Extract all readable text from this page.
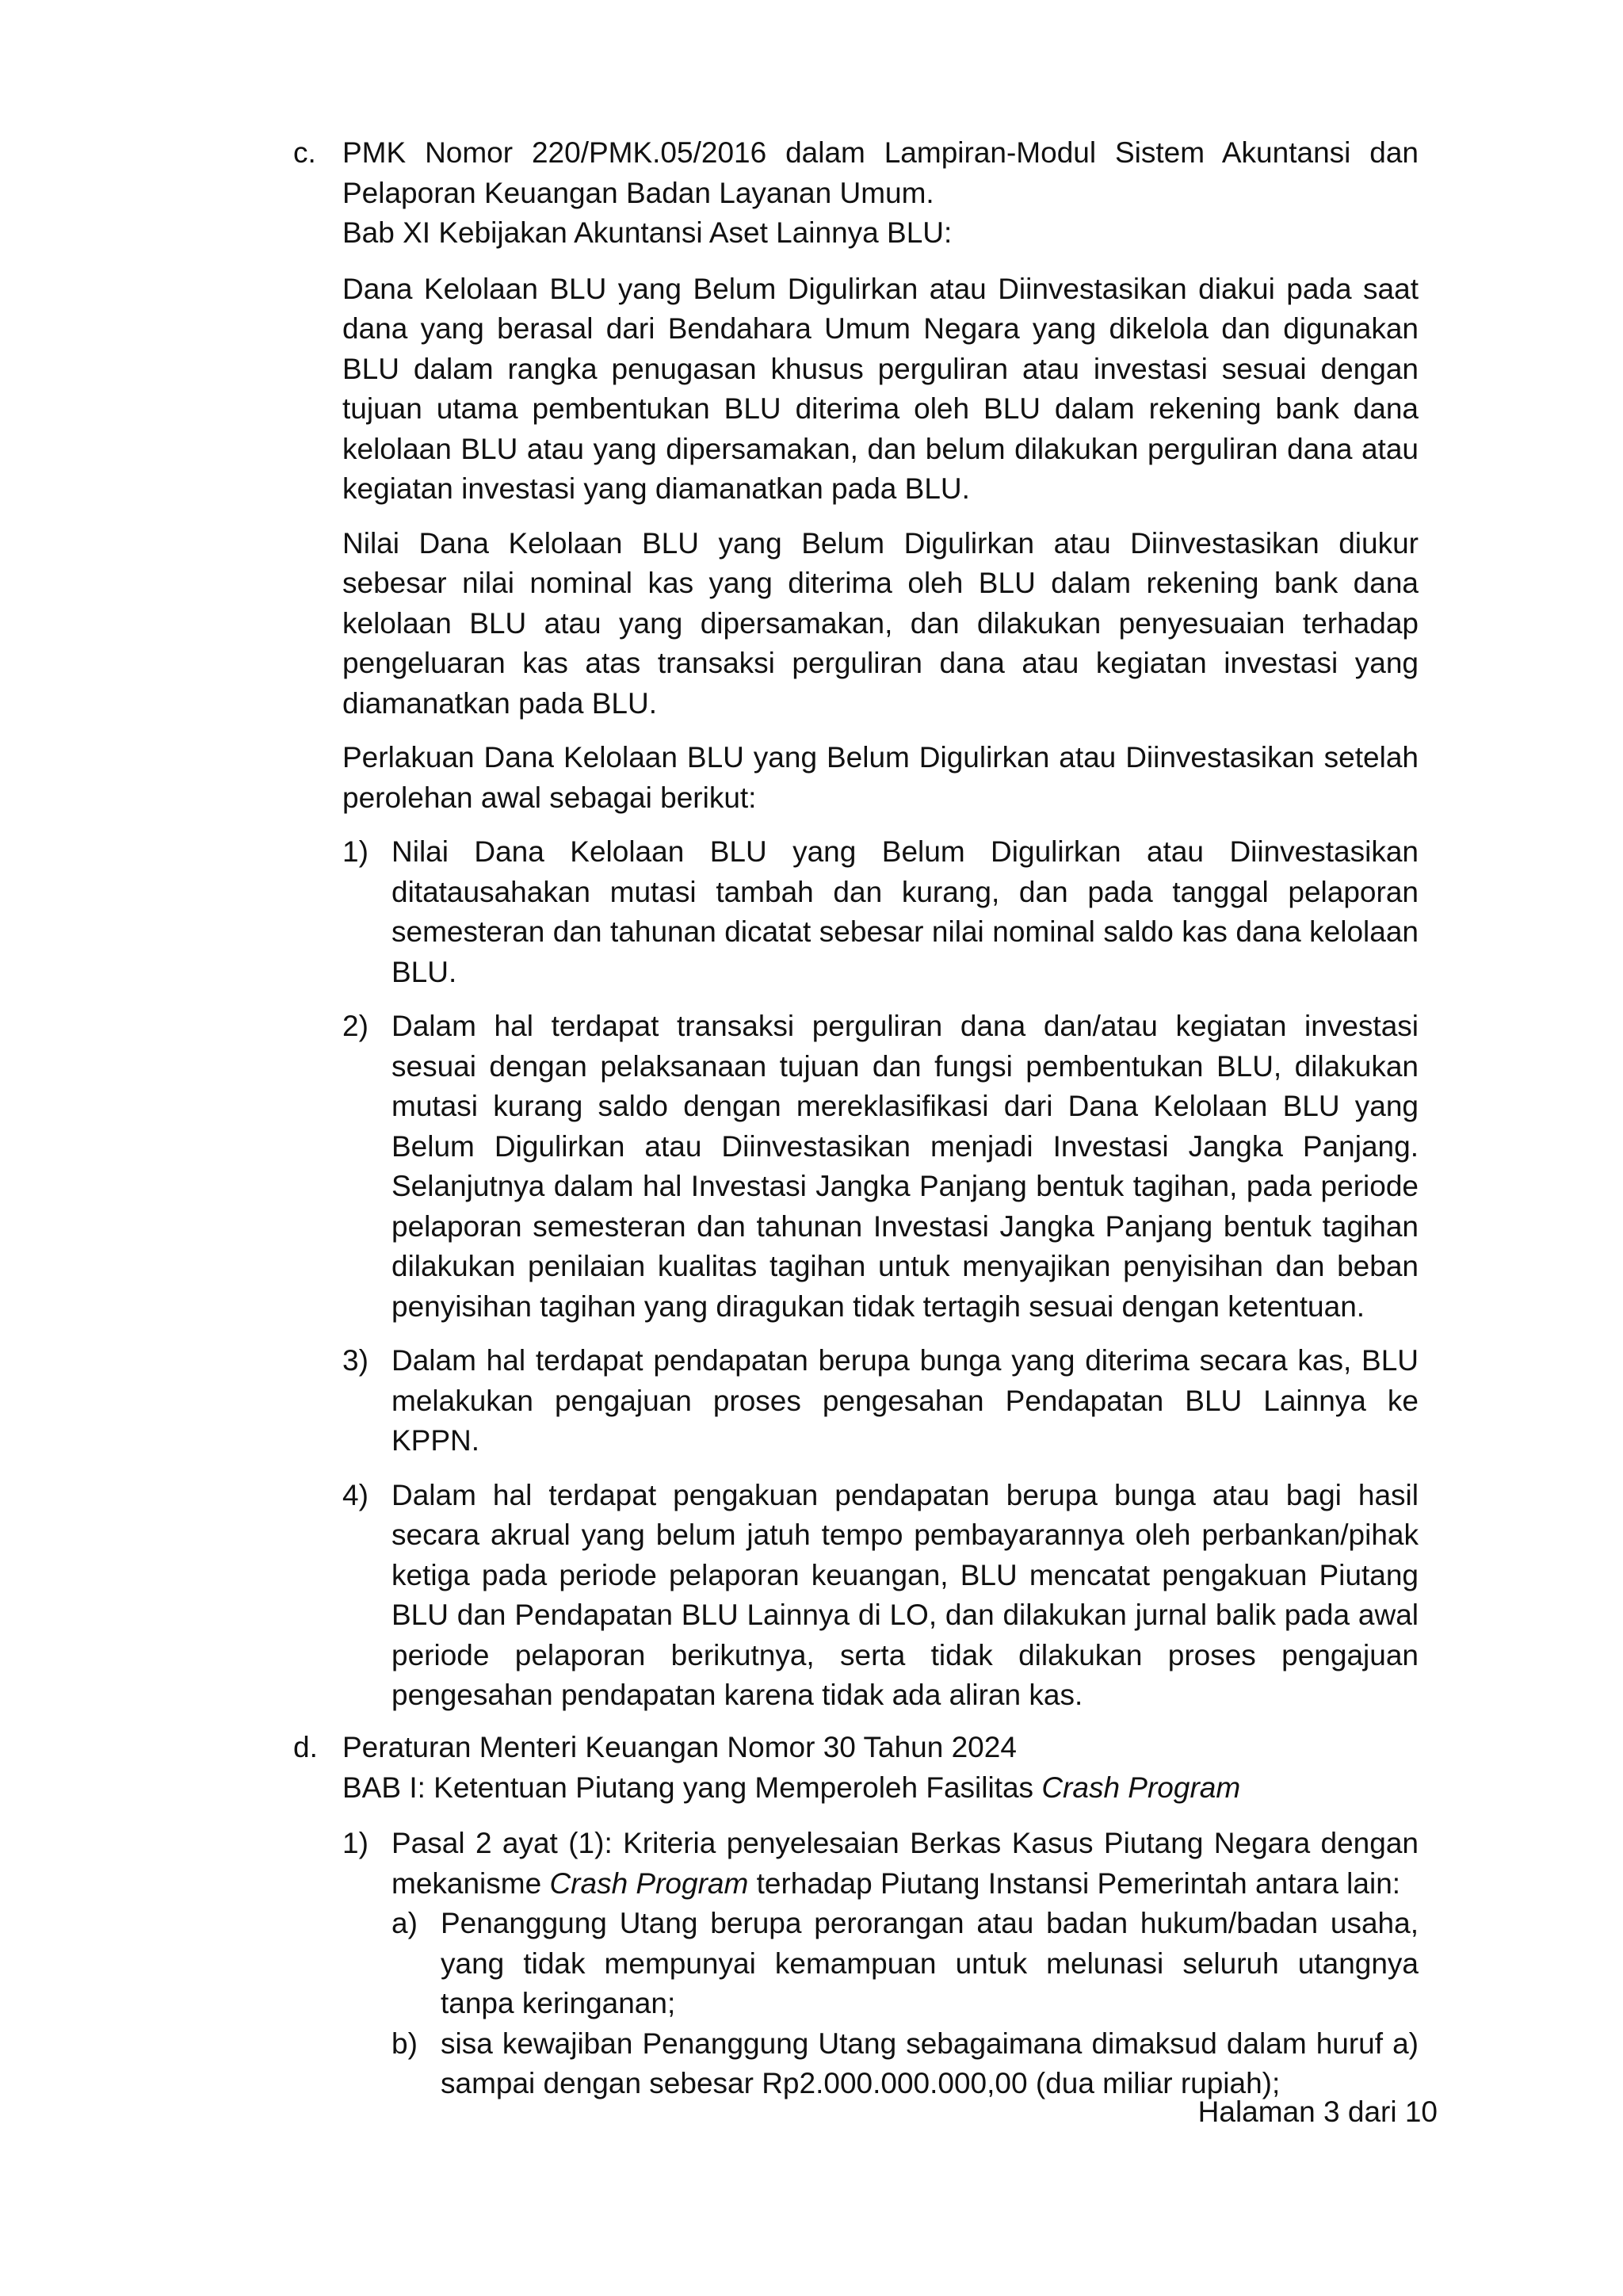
c. PMK Nomor 220/PMK.05/2016 dalam Lampiran-Modul Sistem Akuntansi dan
Pelaporan Keuangan Badan Layanan Umum.
Bab XI Kebijakan Akuntansi Aset Lainnya BLU:

Dana Kelolaan BLU yang Belum Digulirkan atau Diinvestasikan diakui pada saat dana yang berasal dari Bendahara Umum Negara yang dikelola dan digunakan BLU dalam rangka penugasan khusus perguliran atau investasi sesuai dengan tujuan utama pembentukan BLU diterima oleh BLU dalam rekening bank dana kelolaan BLU atau yang dipersamakan, dan belum dilakukan perguliran dana atau kegiatan investasi yang diamanatkan pada BLU.

Nilai Dana Kelolaan BLU yang Belum Digulirkan atau Diinvestasikan diukur sebesar nilai nominal kas yang diterima oleh BLU dalam rekening bank dana kelolaan BLU atau yang dipersamakan, dan dilakukan penyesuaian terhadap pengeluaran kas atas transaksi perguliran dana atau kegiatan investasi yang diamanatkan pada BLU.

Perlakuan Dana Kelolaan BLU yang Belum Digulirkan atau Diinvestasikan setelah perolehan awal sebagai berikut:

1) Nilai Dana Kelolaan BLU yang Belum Digulirkan atau Diinvestasikan ditatausahakan mutasi tambah dan kurang, dan pada tanggal pelaporan semesteran dan tahunan dicatat sebesar nilai nominal saldo kas dana kelolaan BLU.
2) Dalam hal terdapat transaksi perguliran dana dan/atau kegiatan investasi sesuai dengan pelaksanaan tujuan dan fungsi pembentukan BLU, dilakukan mutasi kurang saldo dengan mereklasifikasi dari Dana Kelolaan BLU yang Belum Digulirkan atau Diinvestasikan menjadi Investasi Jangka Panjang. Selanjutnya dalam hal Investasi Jangka Panjang bentuk tagihan, pada periode pelaporan semesteran dan tahunan Investasi Jangka Panjang bentuk tagihan dilakukan penilaian kualitas tagihan untuk menyajikan penyisihan dan beban penyisihan tagihan yang diragukan tidak tertagih sesuai dengan ketentuan.
3) Dalam hal terdapat pendapatan berupa bunga yang diterima secara kas, BLU melakukan pengajuan proses pengesahan Pendapatan BLU Lainnya ke KPPN.
4) Dalam hal terdapat pengakuan pendapatan berupa bunga atau bagi hasil secara akrual yang belum jatuh tempo pembayarannya oleh perbankan/pihak ketiga pada periode pelaporan keuangan, BLU mencatat pengakuan Piutang BLU dan Pendapatan BLU Lainnya di LO, dan dilakukan jurnal balik pada awal periode pelaporan berikutnya, serta tidak dilakukan proses pengajuan pengesahan pendapatan karena tidak ada aliran kas.
d. Peraturan Menteri Keuangan Nomor 30 Tahun 2024
BAB I: Ketentuan Piutang yang Memperoleh Fasilitas Crash Program
1) Pasal 2 ayat (1): Kriteria penyelesaian Berkas Kasus Piutang Negara dengan mekanisme Crash Program terhadap Piutang Instansi Pemerintah antara lain:
a) Penanggung Utang berupa perorangan atau badan hukum/badan usaha, yang tidak mempunyai kemampuan untuk melunasi seluruh utangnya tanpa keringanan;
b) sisa kewajiban Penanggung Utang sebagaimana dimaksud dalam huruf a) sampai dengan sebesar Rp2.000.000.000,00 (dua miliar rupiah);
Halaman 3 dari 10
